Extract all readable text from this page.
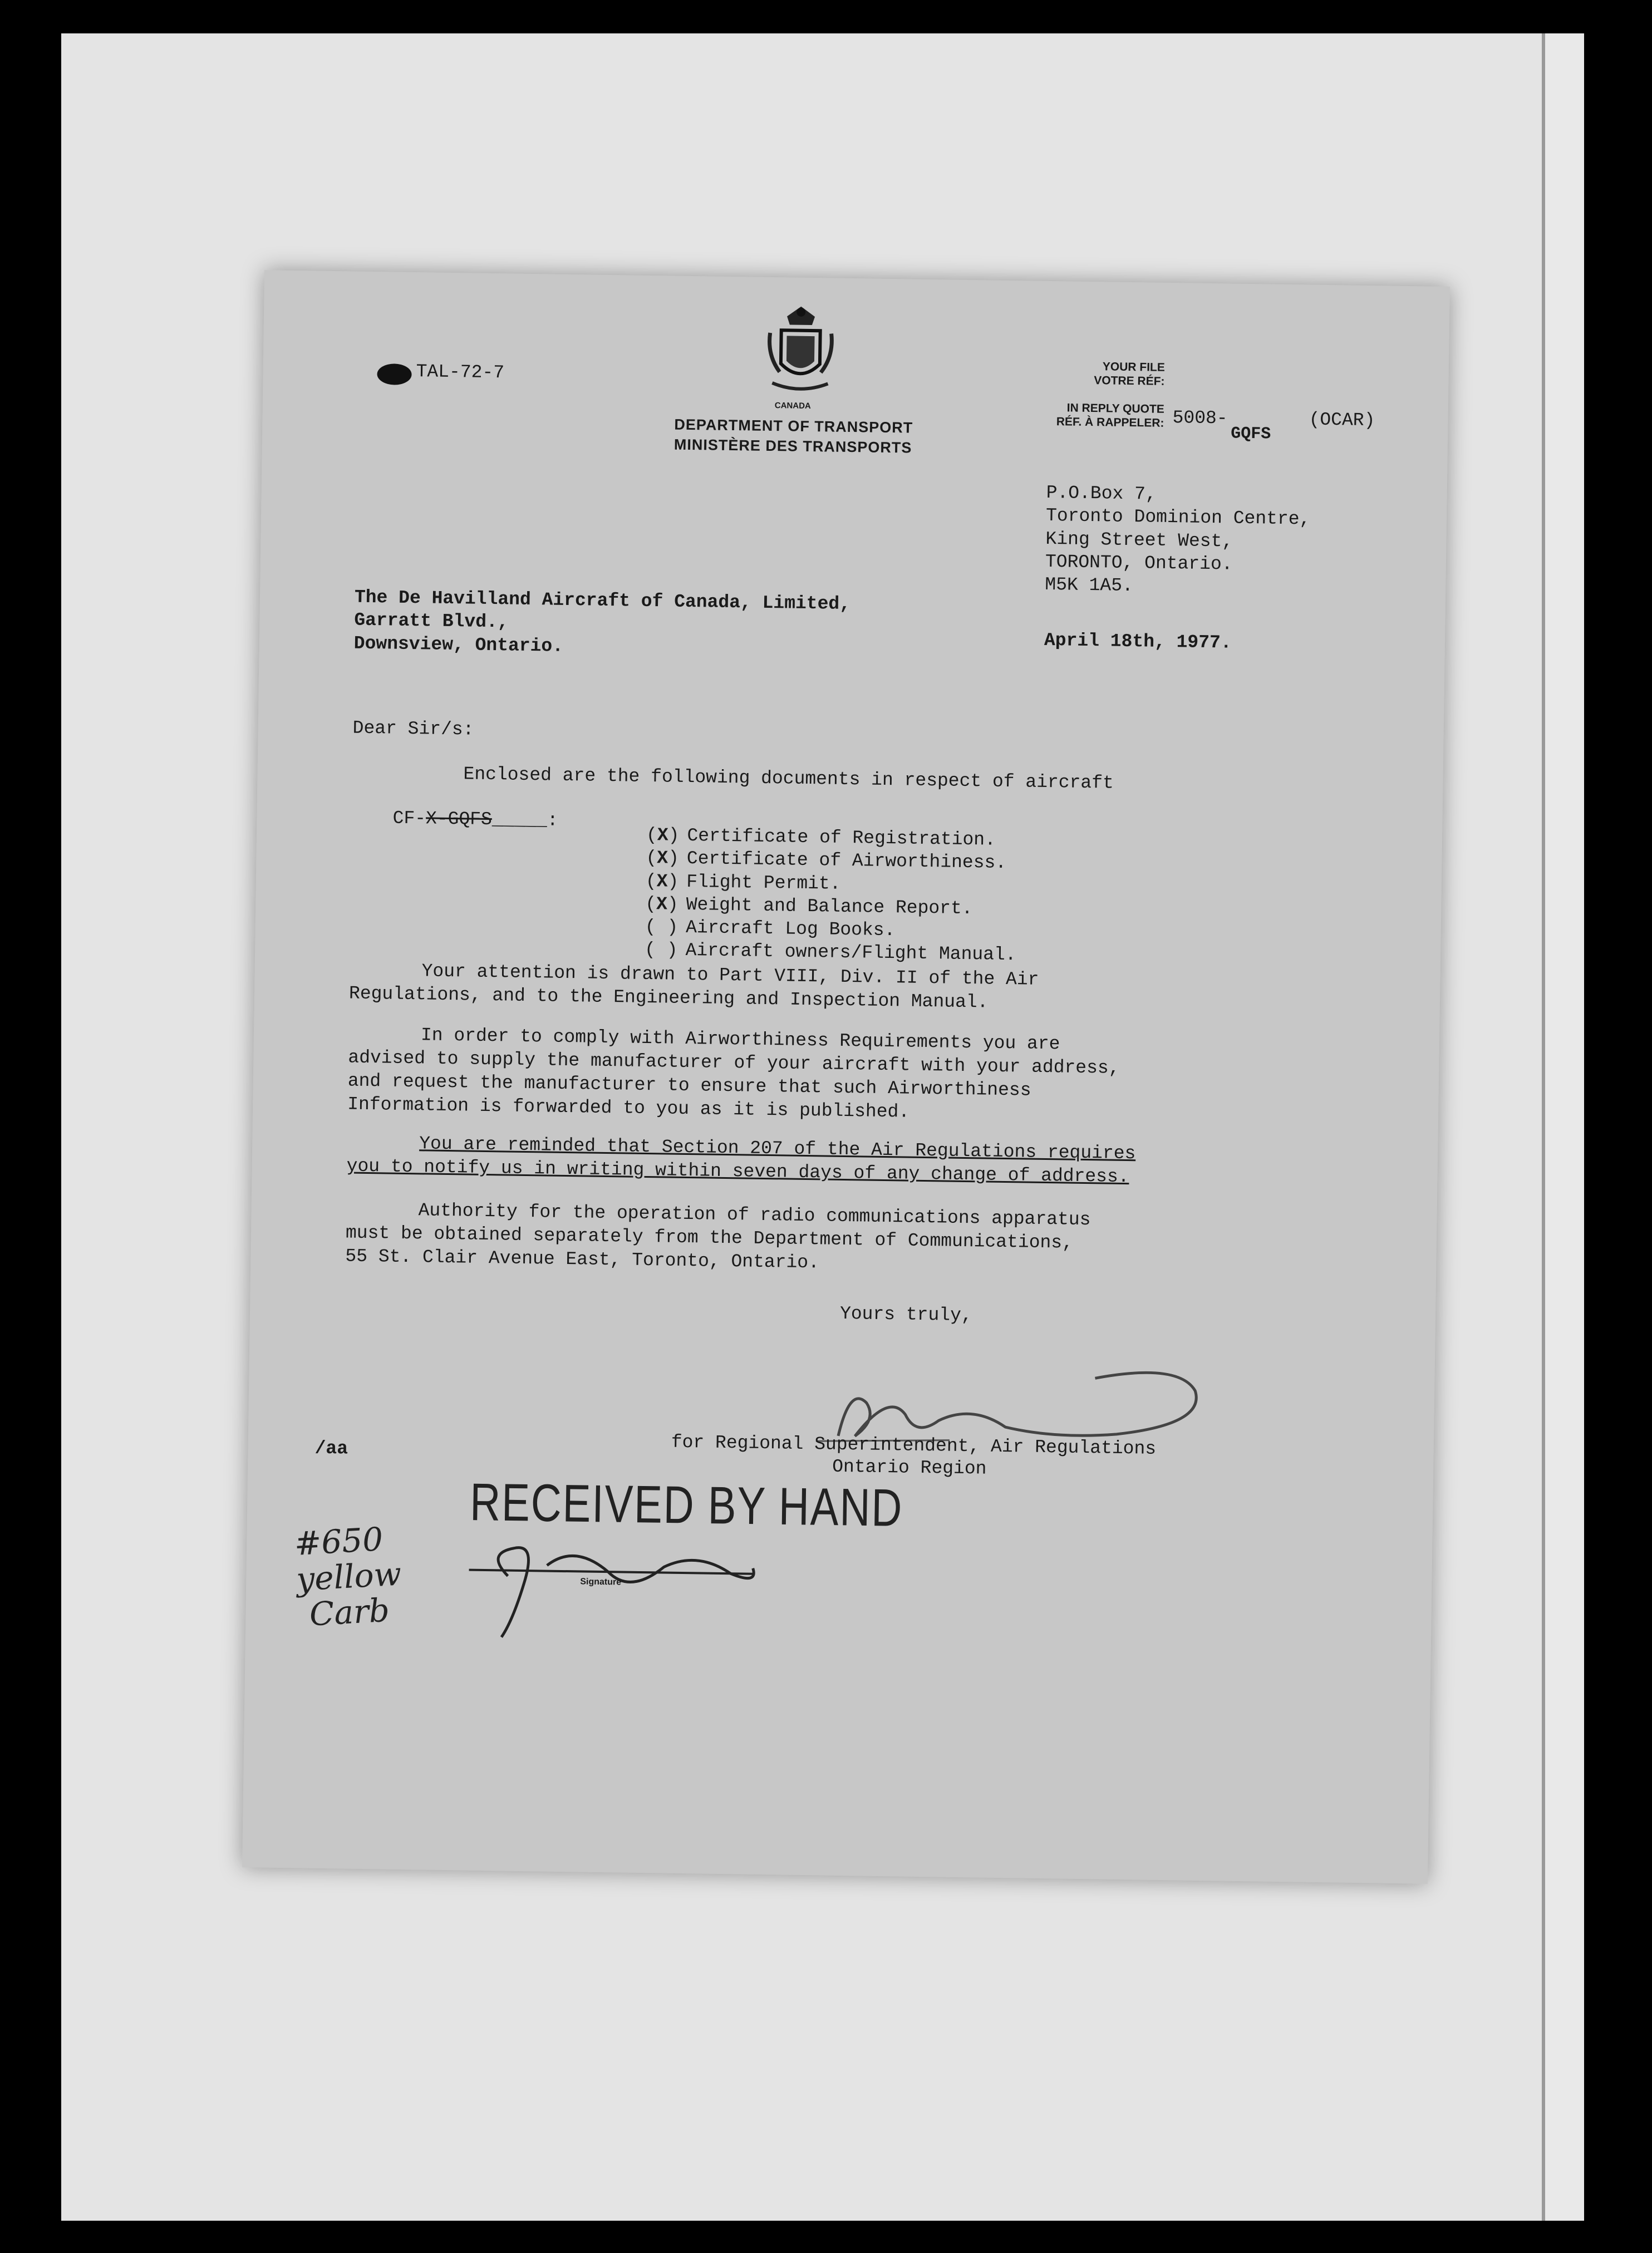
TAL-72-7
CANADA
DEPARTMENT OF TRANSPORT
MINISTÈRE DES TRANSPORTS
YOUR FILE
VOTRE RÉF:
IN REPLY QUOTE
RÉF. À RAPPELER: 5008-
GQFS
(OCAR)
P.O.Box 7,
Toronto Dominion Centre,
King Street West,
TORONTO, Ontario.
M5K 1A5.
The De Havilland Aircraft of Canada, Limited,
Garratt Blvd.,
Downsview, Ontario.	April 18th, 1977.
Dear Sir/s:
Enclosed are the following documents in respect of aircraft

CF-X-GQFS_____:

(X) Certificate of Registration.
(X) Certificate of Airworthiness.
(X) Flight Permit.
(X) Weight and Balance Report.
( ) Aircraft Log Books.
( ) Aircraft owners/Flight Manual.
Your attention is drawn to Part VIII, Div. II of the Air
Regulations, and to the Engineering and Inspection Manual.
In order to comply with Airworthiness Requirements you are
advised to supply the manufacturer of your aircraft with your address,
and request the manufacturer to ensure that such Airworthiness
Information is forwarded to you as it is published.
You are reminded that Section 207 of the Air Regulations requires
you to notify us in writing within seven days of any change of address.
Authority for the operation of radio communications apparatus
must be obtained separately from the Department of Communications,
55 St. Clair Avenue East, Toronto, Ontario.
Yours truly,
for Regional Superintendent, Air Regulations
Ontario Region
/aa
RECEIVED BY HAND
Signature
#650
yellow
Carb
